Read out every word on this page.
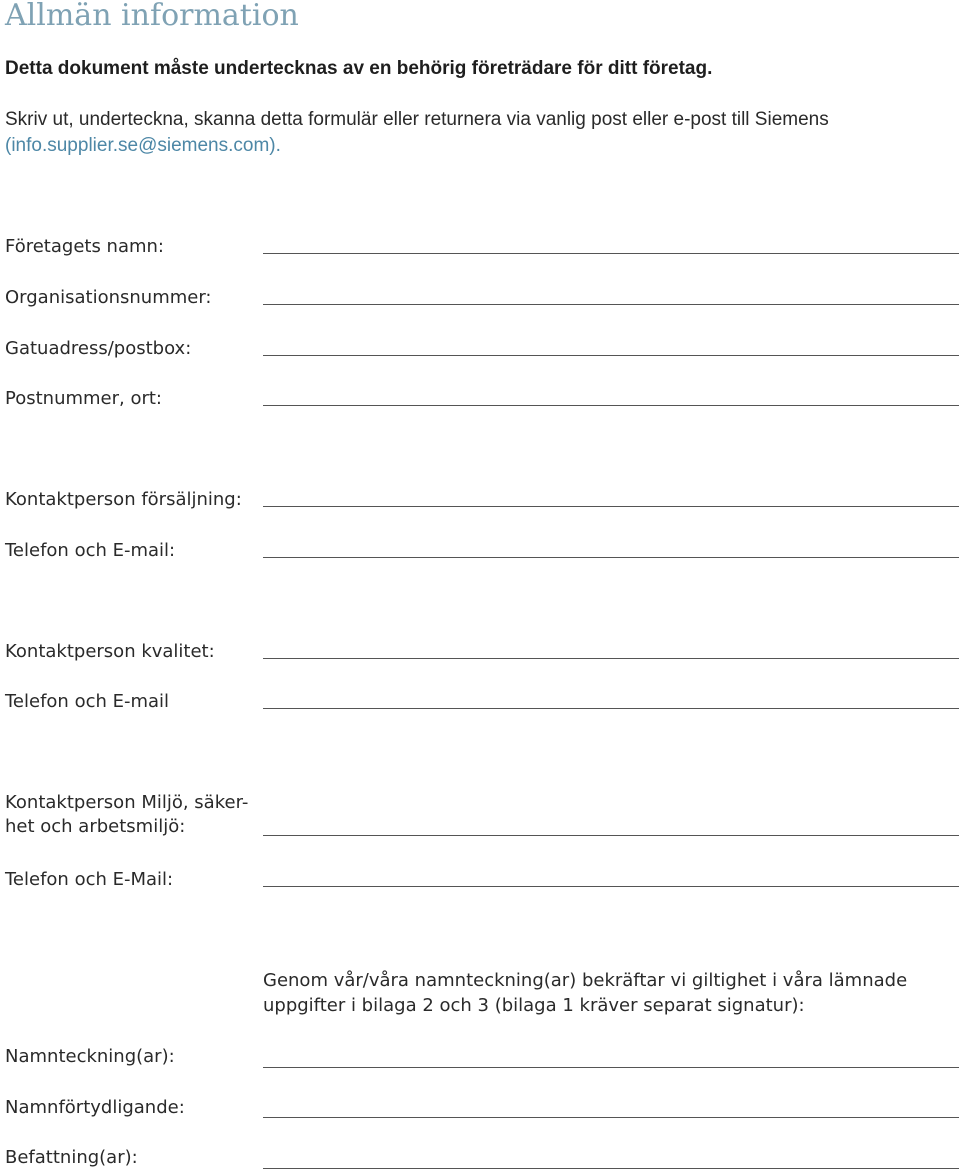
Allmän information
Detta dokument måste undertecknas av en behörig företrädare för ditt företag.
Skriv ut, underteckna, skanna detta formulär eller returnera via vanlig post eller e-post till Siemens (info.supplier.se@siemens.com).
Företagets namn:
Organisationsnummer:
Gatuadress/postbox:
Postnummer, ort:
Kontaktperson försäljning:
Telefon och E-mail:
Kontaktperson kvalitet:
Telefon och E-mail
Kontaktperson Miljö, säker-het och arbetsmiljö:
Telefon och E-Mail:
Genom vår/våra namnteckning(ar) bekräftar vi giltighet i våra lämnade uppgifter i bilaga 2 och 3 (bilaga 1 kräver separat signatur):
Namnteckning(ar):
Namnförtydligande:
Befattning(ar):
